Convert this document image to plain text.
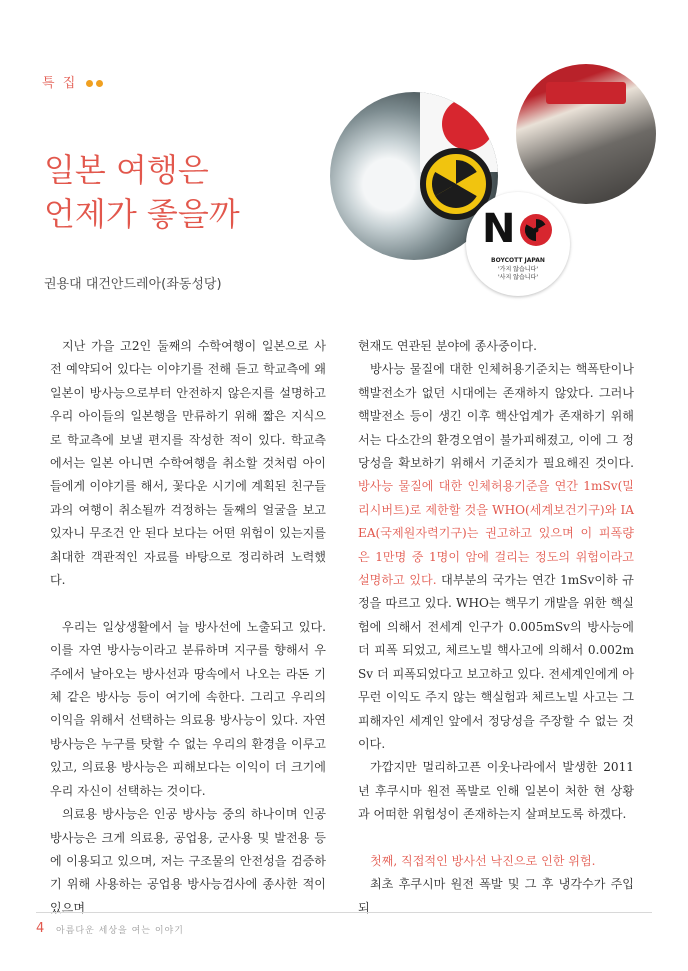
특 집
일본 여행은
언제가 좋을까
권용대 대건안드레아(좌동성당)
N
BOYCOTT JAPAN
'가지 않습니다'
'사지 않습니다'

지난 가을 고2인 둘째의 수학여행이 일본으로 사전 예약되어 있다는 이야기를 전해 듣고 학교측에 왜 일본이 방사능으로부터 안전하지 않은지를 설명하고 우리 아이들의 일본행을 만류하기 위해 짧은 지식으로 학교측에 보낼 편지를 작성한 적이 있다. 학교측에서는 일본 아니면 수학여행을 취소할 것처럼 아이들에게 이야기를 해서, 꽃다운 시기에 계획된 친구들과의 여행이 취소될까 걱정하는 둘째의 얼굴을 보고 있자니 무조건 안 된다 보다는 어떤 위험이 있는지를 최대한 객관적인 자료를 바탕으로 정리하려 노력했다.

우리는 일상생활에서 늘 방사선에 노출되고 있다. 이를 자연 방사능이라고 분류하며 지구를 향해서 우주에서 날아오는 방사선과 땅속에서 나오는 라돈 기체 같은 방사능 등이 여기에 속한다. 그리고 우리의 이익을 위해서 선택하는 의료용 방사능이 있다. 자연방사능은 누구를 탓할 수 없는 우리의 환경을 이루고 있고, 의료용 방사능은 피해보다는 이익이 더 크기에 우리 자신이 선택하는 것이다.

의료용 방사능은 인공 방사능 중의 하나이며 인공방사능은 크게 의료용, 공업용, 군사용 및 발전용 등에 이용되고 있으며, 저는 구조물의 안전성을 검증하기 위해 사용하는 공업용 방사능검사에 종사한 적이 있으며

현재도 연관된 분야에 종사중이다.

방사능 물질에 대한 인체허용기준치는 핵폭탄이나 핵발전소가 없던 시대에는 존재하지 않았다. 그러나 핵발전소 등이 생긴 이후 핵산업계가 존재하기 위해서는 다소간의 환경오염이 불가피해졌고, 이에 그 정당성을 확보하기 위해서 기준치가 필요해진 것이다. 방사능 물질에 대한 인체허용기준을 연간 1mSv(밀리시버트)로 제한할 것을 WHO(세계보건기구)와 IAEA(국제원자력기구)는 권고하고 있으며 이 피폭량은 1만명 중 1명이 암에 걸리는 정도의 위험이라고 설명하고 있다. 대부분의 국가는 연간 1mSv이하 규정을 따르고 있다. WHO는 핵무기 개발을 위한 핵실험에 의해서 전세계 인구가 0.005mSv의 방사능에 더 피폭 되었고, 체르노빌 핵사고에 의해서 0.002mSv 더 피폭되었다고 보고하고 있다. 전세계인에게 아무런 이익도 주지 않는 핵실험과 체르노빌 사고는 그 피해자인 세계인 앞에서 정당성을 주장할 수 없는 것이다.

가깝지만 멀리하고픈 이웃나라에서 발생한 2011년 후쿠시마 원전 폭발로 인해 일본이 처한 현 상황과 어떠한 위험성이 존재하는지 살펴보도록 하겠다.

첫째, 직접적인 방사선 낙진으로 인한 위험.

최초 후쿠시마 원전 폭발 및 그 후 냉각수가 주입되

4 아름다운 세상을 여는 이야기
